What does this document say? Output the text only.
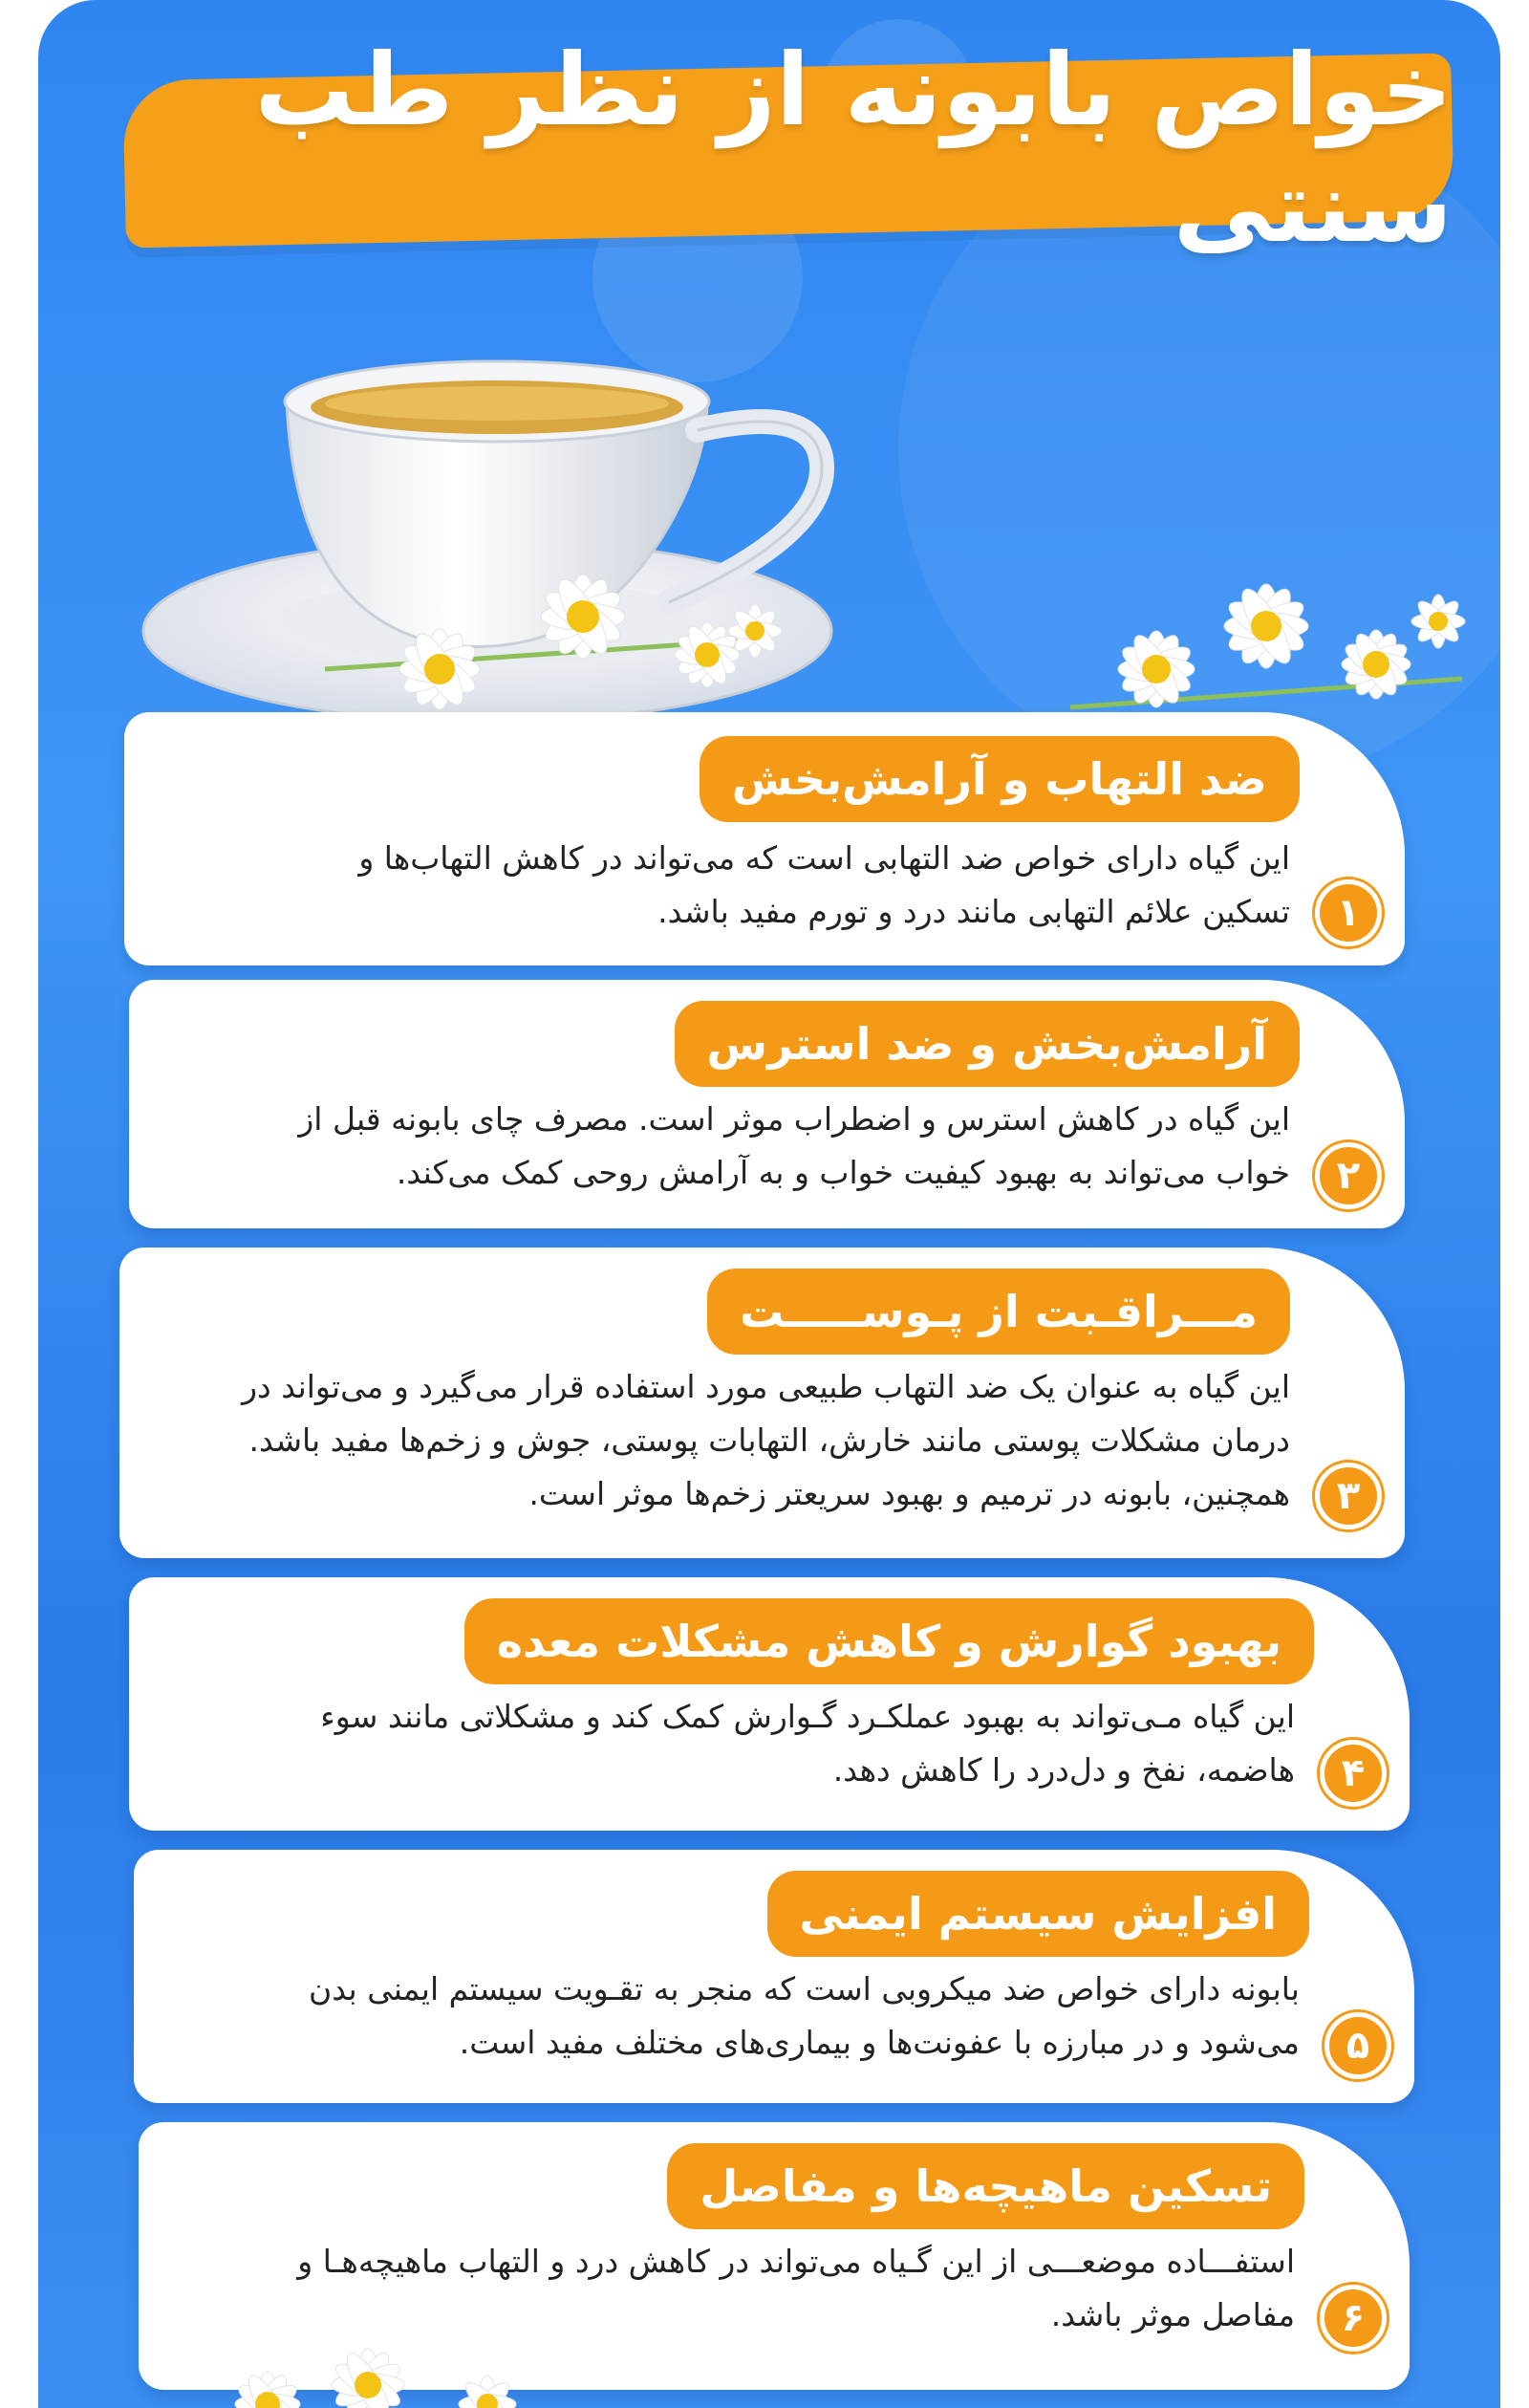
خواص بابونه از نظر طب سنتی
ضد التهاب و آرامش‌بخش
این گیاه دارای خواص ضد التهابی است که می‌تواند در کاهش التهاب‌ها و
تسکین علائم التهابی مانند درد و تورم مفید باشد.	۱
آرامش‌بخش و ضد استرس
این گیاه در کاهش استرس و اضطراب موثر است. مصرف چای بابونه قبل از
خواب می‌تواند به بهبود کیفیت خواب و به آرامش روحی کمک می‌کند.	۲
مـــراقـبت از پـوســـــت
این گیاه به عنوان یک ضد التهاب طبیعی مورد استفاده قرار می‌گیرد و می‌تواند در
درمان مشکلات پوستی مانند خارش، التهابات پوستی، جوش و زخم‌ها مفید باشد.
همچنین، بابونه در ترمیم و بهبود سریعتر زخم‌ها موثر است.	۳
بهبود گوارش و کاهش مشکلات معده
این گیاه مـی‌تواند به بهبود عملکـرد گـوارش کمک کند و مشکلاتی مانند سوء
هاضمه، نفخ و دل‌درد را کاهش دهد.	۴
افزایش سیستم ایمنی
بابونه دارای خواص ضد میکروبی است که منجر به تقـویت سیستم ایمنی بدن
می‌شود و در مبارزه با عفونت‌ها و بیماری‌های مختلف مفید است.	۵
تسکین ماهیچه‌ها و مفاصل
استفـــاده موضعـــی از این گـیاه می‌تواند در کاهش درد و التهاب ماهیچه‌هـا و
مفاصل موثر باشد.	۶
